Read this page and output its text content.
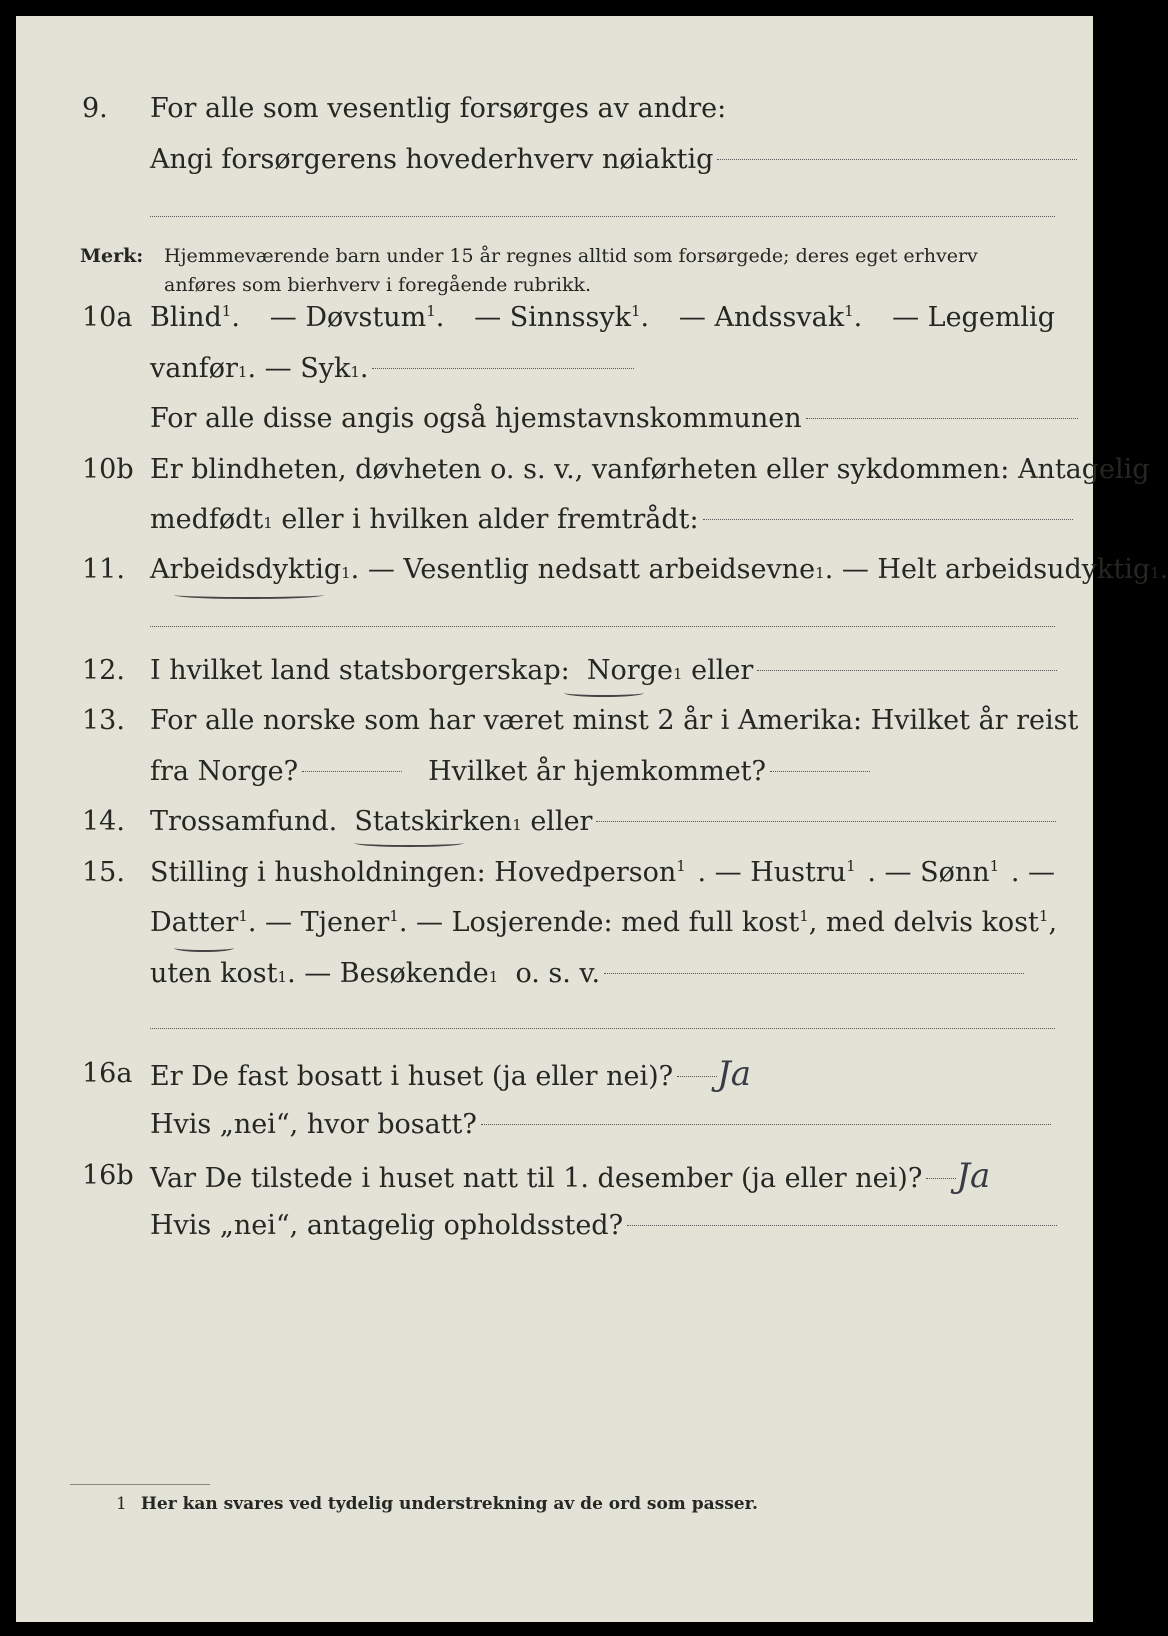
9. For alle som vesentlig forsørges av andre:
Angi forsørgerens hovederhverv nøiaktig
Merk: Hjemmeværende barn under 15 år regnes alltid som forsørgede; deres eget erhverv
anføres som bierhverv i foregående rubrikk.
10a Blind$^1$. — Døvstum$^1$. — Sinnssyk$^1$. — Andssvak$^1$. — Legemlig
vanfør 1 . — Syk 1 .
For alle disse angis også hjemstavnskommunen
10b Er blindheten, døvheten o. s. v., vanførheten eller sykdommen: Antagelig
medfødt 1
eller i hvilken alder fremtrådt:
11. Arbeidsdyktig 1 . — Vesentlig nedsatt arbeidsevne 1 . — Helt arbeidsudyktig 1 .
12. I hvilket land statsborgerskap:
Norge 1
eller
13. For alle norske som har været minst 2 år i Amerika: Hvilket år reist
fra Norge?	Hvilket år hjemkommet?
14. Trossamfund.
Statskirken 1
eller
15. Stilling i husholdningen: Hovedperson$^1$ . — Hustru$^1$ . — Sønn$^1$ . —
Datter$^1$ . — Tjener$^1$ . — Losjerende: med full kost$^1$ , med delvis kost$^1$,
uten kost 1 . — Besøkende 1
o. s. v.
16a Er De fast bosatt i huset (ja eller nei)? Ja
Hvis „nei“, hvor bosatt?
16b Var De tilstede i huset natt til 1. desember (ja eller nei)? Ja
Hvis „nei“, antagelig opholdssted?
1 Her kan svares ved tydelig understrekning av de ord som passer.
